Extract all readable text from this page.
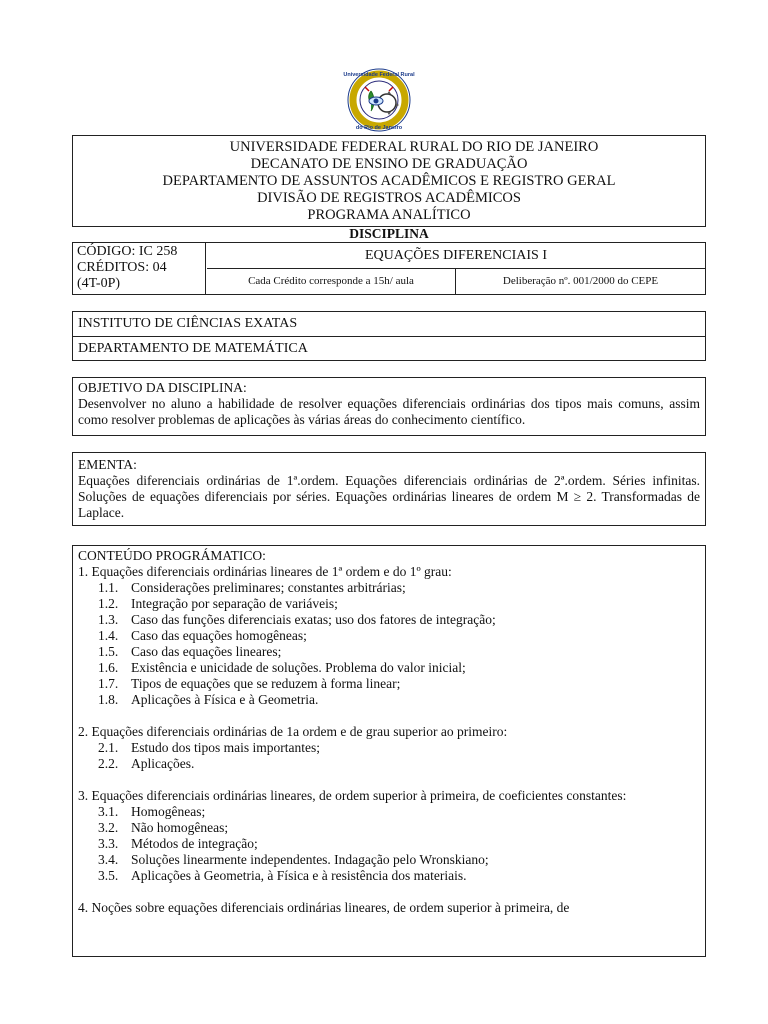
Universidade Federal Rural
do Rio de Janeiro
UNIVERSIDADE FEDERAL RURAL DO RIO DE JANEIRO
DECANATO DE ENSINO DE GRADUAÇÃO
DEPARTAMENTO DE ASSUNTOS ACADÊMICOS E REGISTRO GERAL
DIVISÃO DE REGISTROS ACADÊMICOS
PROGRAMA ANALÍTICO
DISCIPLINA
CÓDIGO: IC 258
CRÉDITOS: 04
(4T-0P)
EQUAÇÕES DIFERENCIAIS I
Cada Crédito corresponde a 15h/ aula	Deliberação nº. 001/2000 do CEPE
INSTITUTO DE CIÊNCIAS EXATAS
DEPARTAMENTO DE MATEMÁTICA
OBJETIVO DA DISCIPLINA:
Desenvolver no aluno a habilidade de resolver equações diferenciais ordinárias dos tipos mais comuns, assim como resolver problemas de aplicações às várias áreas do conhecimento científico.
EMENTA:
Equações diferenciais ordinárias de 1ª.ordem. Equações diferenciais ordinárias de 2ª.ordem. Séries infinitas. Soluções de equações diferenciais por séries. Equações ordinárias lineares de ordem M ≥ 2. Transformadas de Laplace.
CONTEÚDO PROGRÁMATICO:
1. Equações diferenciais ordinárias lineares de 1ª ordem e do 1º grau:
1.1. Considerações preliminares; constantes arbitrárias;
1.2. Integração por separação de variáveis;
1.3. Caso das funções diferenciais exatas; uso dos fatores de integração;
1.4. Caso das equações homogêneas;
1.5. Caso das equações lineares;
1.6. Existência e unicidade de soluções. Problema do valor inicial;
1.7. Tipos de equações que se reduzem à forma linear;
1.8. Aplicações à Física e à Geometria.
2. Equações diferenciais ordinárias de 1a ordem e de grau superior ao primeiro:
2.1. Estudo dos tipos mais importantes;
2.2. Aplicações.
3. Equações diferenciais ordinárias lineares, de ordem superior à primeira, de coeficientes constantes:
3.1. Homogêneas;
3.2. Não homogêneas;
3.3. Métodos de integração;
3.4. Soluções linearmente independentes. Indagação pelo Wronskiano;
3.5. Aplicações à Geometria, à Física e à resistência dos materiais.
4. Noções sobre equações diferenciais ordinárias lineares, de ordem superior à primeira, de
